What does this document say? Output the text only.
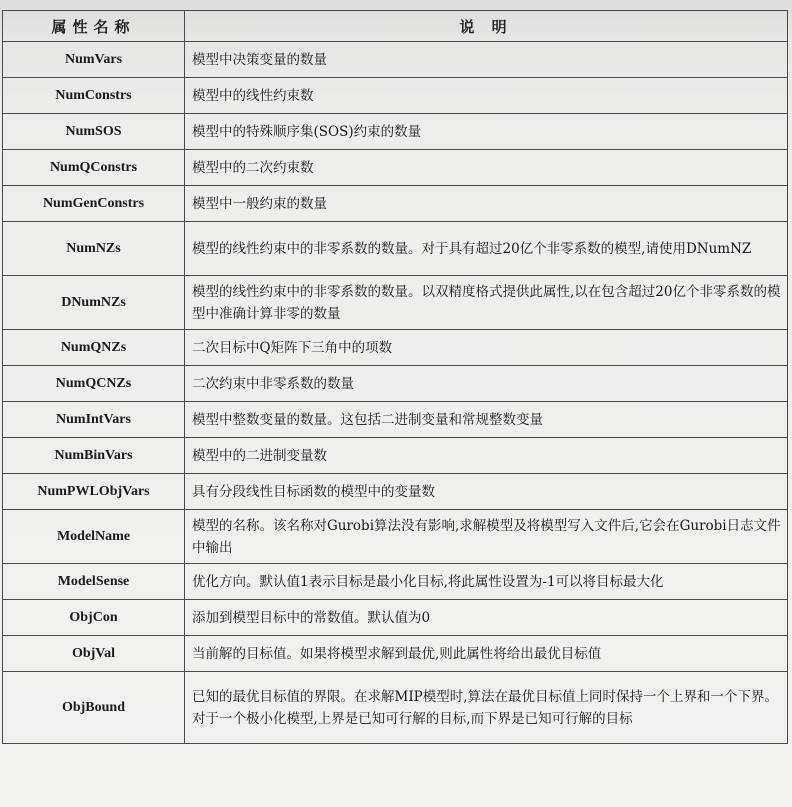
属性名称	说 明
NumVars	模型中决策变量的数量
NumConstrs	模型中的线性约束数
NumSOS	模型中的特殊顺序集(SOS)约束的数量
NumQConstrs	模型中的二次约束数
NumGenConstrs	模型中一般约束的数量
NumNZs	模型的线性约束中的非零系数的数量。对于具有超过20亿个非零系数的模型,请使用DNumNZ
DNumNZs	模型的线性约束中的非零系数的数量。以双精度格式提供此属性,以在包含超过20亿个非零系数的模型中准确计算非零的数量
NumQNZs	二次目标中Q矩阵下三角中的项数
NumQCNZs	二次约束中非零系数的数量
NumIntVars	模型中整数变量的数量。这包括二进制变量和常规整数变量
NumBinVars	模型中的二进制变量数
NumPWLObjVars	具有分段线性目标函数的模型中的变量数
ModelName	模型的名称。该名称对Gurobi算法没有影响,求解模型及将模型写入文件后,它会在Gurobi日志文件中输出
ModelSense	优化方向。默认值1表示目标是最小化目标,将此属性设置为-1可以将目标最大化
ObjCon	添加到模型目标中的常数值。默认值为0
ObjVal	当前解的目标值。如果将模型求解到最优,则此属性将给出最优目标值
ObjBound	已知的最优目标值的界限。在求解MIP模型时,算法在最优目标值上同时保持一个上界和一个下界。对于一个极小化模型,上界是已知可行解的目标,而下界是已知可行解的目标
